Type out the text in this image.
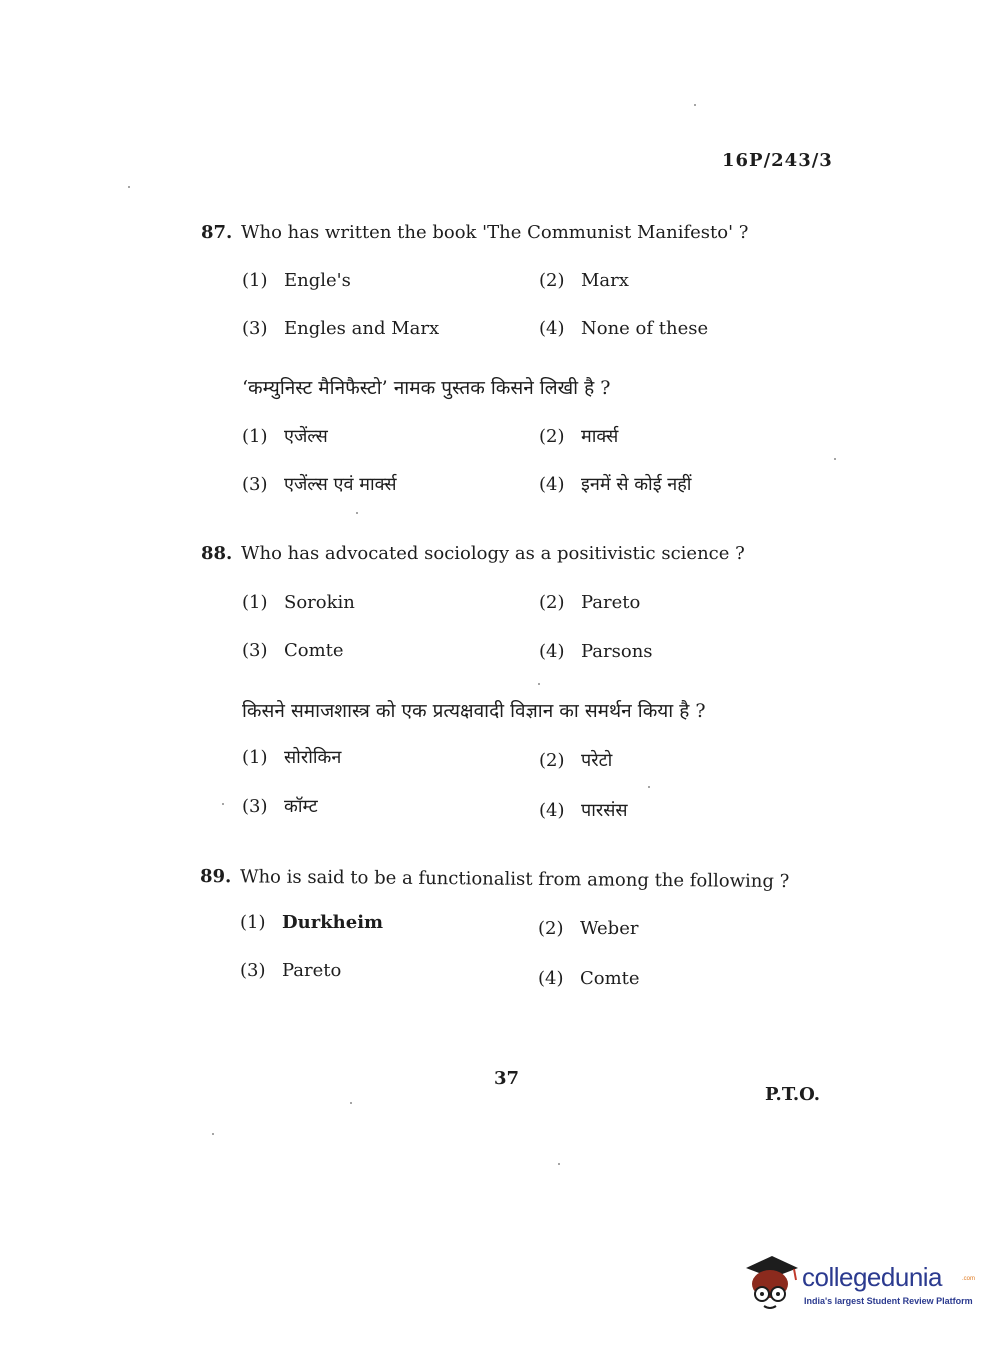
16P/243/3
87. Who has written the book 'The Communist Manifesto' ?
(1) Engle's	(2) Marx
(3) Engles and Marx	(4) None of these
‘कम्युनिस्ट मैनिफैस्टो’ नामक पुस्तक किसने लिखी है ?
(1) एजेंल्स	(2) मार्क्स
(3) एजेंल्स एवं मार्क्स	(4) इनमें से कोई नहीं
88. Who has advocated sociology as a positivistic science ?
(1) Sorokin	(2) Pareto
(3) Comte	(4) Parsons
किसने समाजशास्त्र को एक प्रत्यक्षवादी विज्ञान का समर्थन किया है ?
(1) सोरोकिन	(2) परेटो
(3) कॉम्ट	(4) पारसंस
89. Who is said to be a functionalist from among the following ?
(1) Durkheim	(2) Weber
(3) Pareto	(4) Comte
37
P.T.O.
collegedunia	.com
India's largest Student Review Platform
